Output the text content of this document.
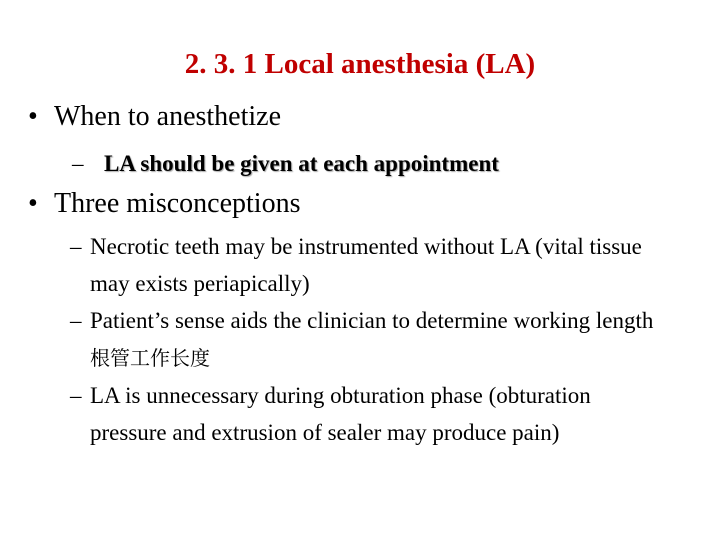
2. 3. 1 Local anesthesia (LA)
• When to anesthetize
– LA should be given at each appointment
• Three misconceptions
– Necrotic teeth may be instrumented without LA (vital tissue may exists periapically)
– Patient’s sense aids the clinician to determine working length 根管工作长度
– LA is unnecessary during obturation phase (obturation pressure and extrusion of sealer may produce pain)
